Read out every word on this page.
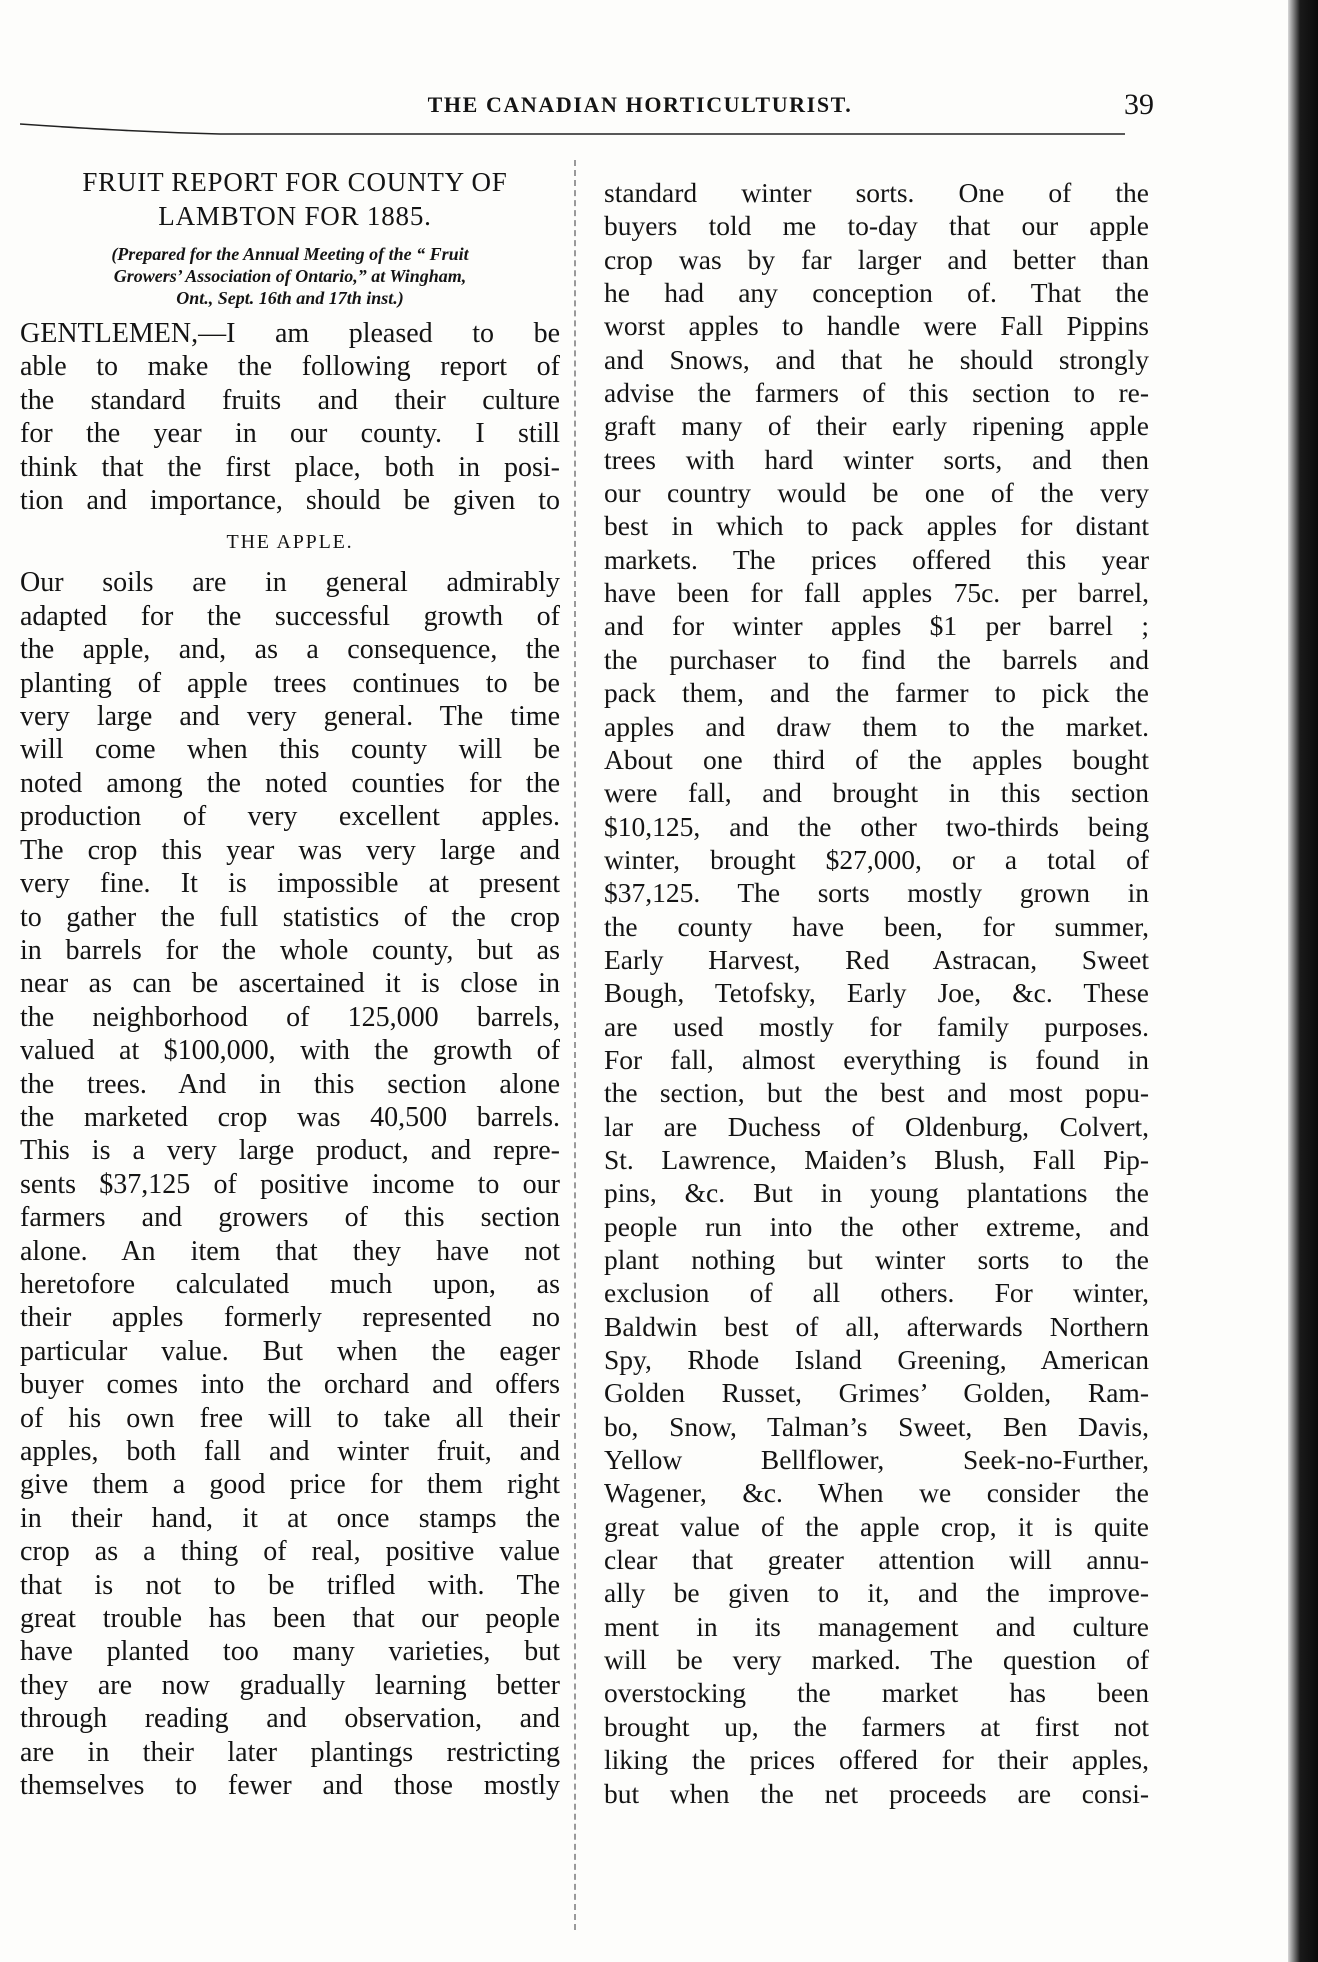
THE CANADIAN HORTICULTURIST.	39
FRUIT REPORT FOR COUNTY OF
LAMBTON FOR 1885.
(Prepared for the Annual Meeting of the “ Fruit
Growers’ Association of Ontario,” at Wingham,
Ont., Sept. 16th and 17th inst.)
GENTLEMEN,—I am pleased to be
able to make the following report of
the standard fruits and their culture
for the year in our county. I still
think that the first place, both in posi-
tion and importance, should be given to
THE APPLE.
Our soils are in general admirably
adapted for the successful growth of
the apple, and, as a consequence, the
planting of apple trees continues to be
very large and very general. The time
will come when this county will be
noted among the noted counties for the
production of very excellent apples.
The crop this year was very large and
very fine. It is impossible at present
to gather the full statistics of the crop
in barrels for the whole county, but as
near as can be ascertained it is close in
the neighborhood of 125,000 barrels,
valued at $100,000, with the growth of
the trees. And in this section alone
the marketed crop was 40,500 barrels.
This is a very large product, and repre-
sents $37,125 of positive income to our
farmers and growers of this section
alone. An item that they have not
heretofore calculated much upon, as
their apples formerly represented no
particular value. But when the eager
buyer comes into the orchard and offers
of his own free will to take all their
apples, both fall and winter fruit, and
give them a good price for them right
in their hand, it at once stamps the
crop as a thing of real, positive value
that is not to be trifled with. The
great trouble has been that our people
have planted too many varieties, but
they are now gradually learning better
through reading and observation, and
are in their later plantings restricting
themselves to fewer and those mostly
standard winter sorts. One of the
buyers told me to-day that our apple
crop was by far larger and better than
he had any conception of. That the
worst apples to handle were Fall Pippins
and Snows, and that he should strongly
advise the farmers of this section to re-
graft many of their early ripening apple
trees with hard winter sorts, and then
our country would be one of the very
best in which to pack apples for distant
markets. The prices offered this year
have been for fall apples 75c. per barrel,
and for winter apples $1 per barrel ;
the purchaser to find the barrels and
pack them, and the farmer to pick the
apples and draw them to the market.
About one third of the apples bought
were fall, and brought in this section
$10,125, and the other two-thirds being
winter, brought $27,000, or a total of
$37,125. The sorts mostly grown in
the county have been, for summer,
Early Harvest, Red Astracan, Sweet
Bough, Tetofsky, Early Joe, &c. These
are used mostly for family purposes.
For fall, almost everything is found in
the section, but the best and most popu-
lar are Duchess of Oldenburg, Colvert,
St. Lawrence, Maiden’s Blush, Fall Pip-
pins, &c. But in young plantations the
people run into the other extreme, and
plant nothing but winter sorts to the
exclusion of all others. For winter,
Baldwin best of all, afterwards Northern
Spy, Rhode Island Greening, American
Golden Russet, Grimes’ Golden, Ram-
bo, Snow, Talman’s Sweet, Ben Davis,
Yellow Bellflower, Seek-no-Further,
Wagener, &c. When we consider the
great value of the apple crop, it is quite
clear that greater attention will annu-
ally be given to it, and the improve-
ment in its management and culture
will be very marked. The question of
overstocking the market has been
brought up, the farmers at first not
liking the prices offered for their apples,
but when the net proceeds are consi-
